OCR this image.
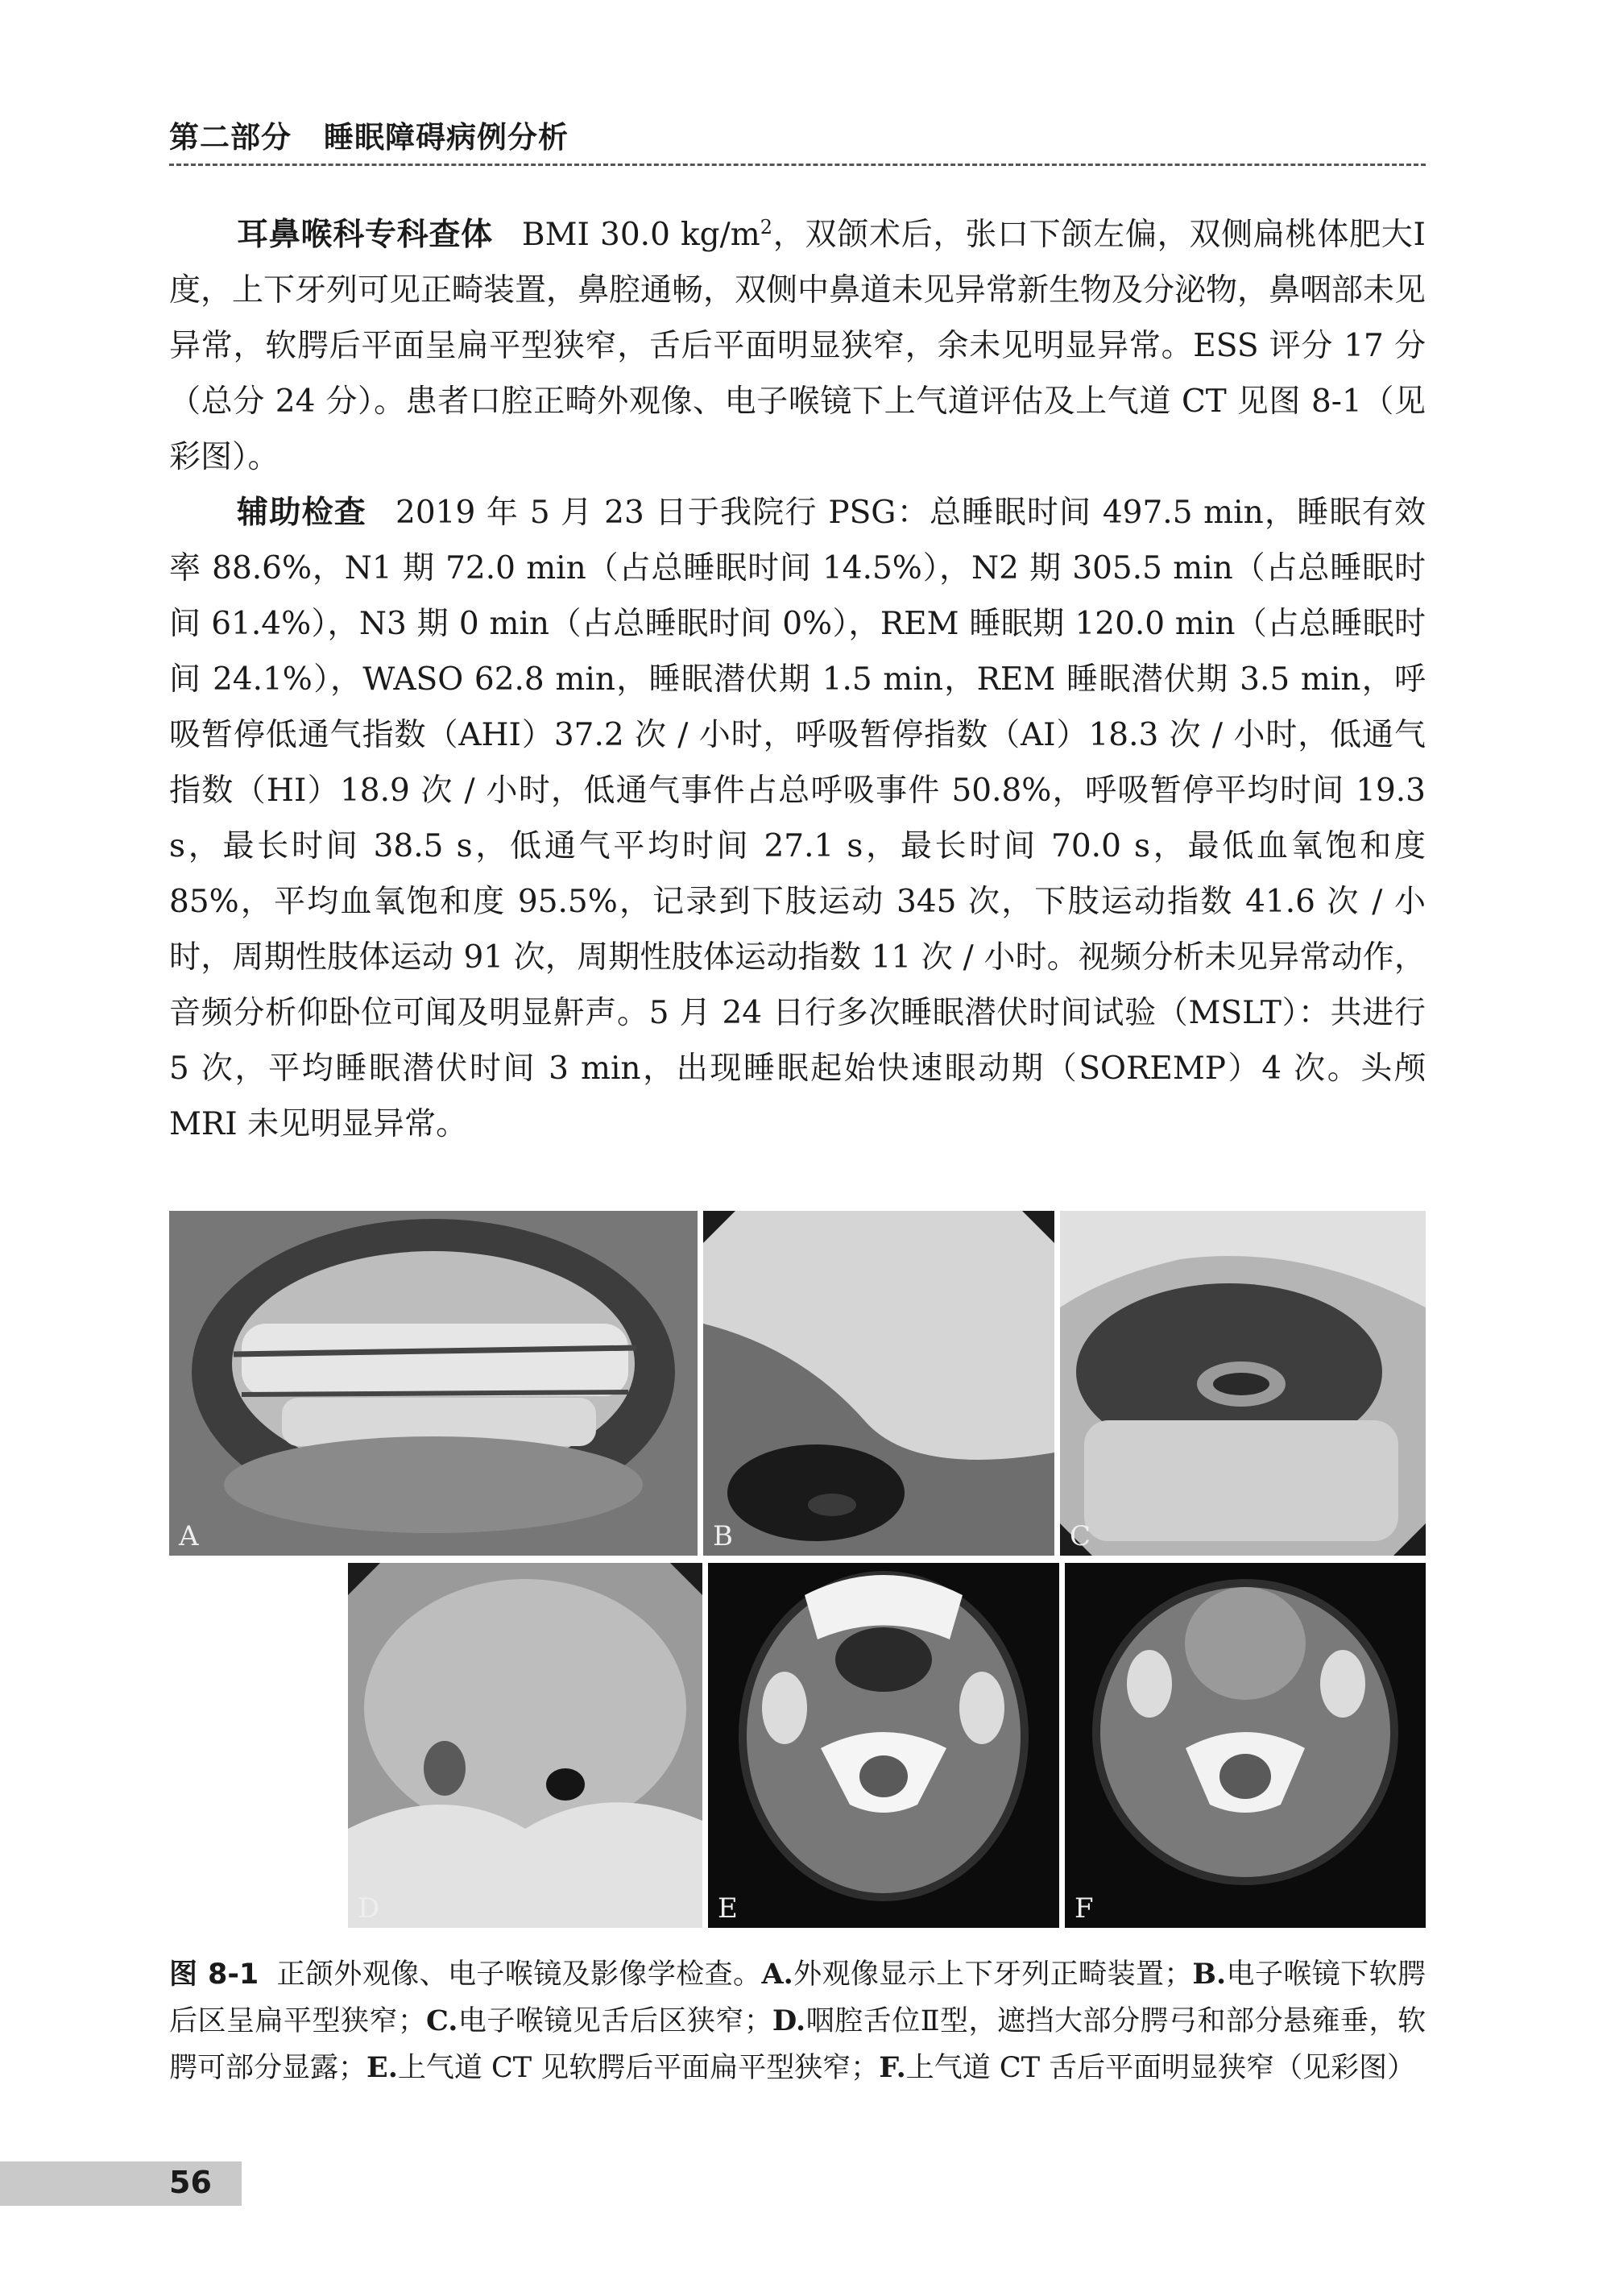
第二部分 睡眠障碍病例分析

耳鼻喉科专科查体 BMI 30.0 $kg/m^2$，双颌术后，张口下颌左偏，双侧扁桃体肥大Ⅰ度，上下牙列可见正畸装置，鼻腔通畅，双侧中鼻道未见异常新生物及分泌物，鼻咽部未见异常，软腭后平面呈扁平型狭窄，舌后平面明显狭窄，余未见明显异常。ESS 评分 17 分（总分 24 分）。患者口腔正畸外观像、电子喉镜下上气道评估及上气道 CT 见图 8-1（见彩图）。

辅助检查 2019 年 5 月 23 日于我院行 PSG：总睡眠时间 497.5 min，睡眠有效率 88.6%，N1 期 72.0 min（占总睡眠时间 14.5%），N2 期 305.5 min（占总睡眠时间 61.4%），N3 期 0 min（占总睡眠时间 0%），REM 睡眠期 120.0 min（占总睡眠时间 24.1%），WASO 62.8 min，睡眠潜伏期 1.5 min，REM 睡眠潜伏期 3.5 min，呼吸暂停低通气指数（AHI）37.2 次 / 小时，呼吸暂停指数（AI）18.3 次 / 小时，低通气指数（HI）18.9 次 / 小时，低通气事件占总呼吸事件 50.8%，呼吸暂停平均时间 19.3 s，最长时间 38.5 s，低通气平均时间 27.1 s，最长时间 70.0 s，最低血氧饱和度 85%，平均血氧饱和度 95.5%，记录到下肢运动 345 次，下肢运动指数 41.6 次 / 小时，周期性肢体运动 91 次，周期性肢体运动指数 11 次 / 小时。视频分析未见异常动作，音频分析仰卧位可闻及明显鼾声。5 月 24 日行多次睡眠潜伏时间试验（MSLT）：共进行 5 次，平均睡眠潜伏时间 3 min，出现睡眠起始快速眼动期（SOREMP）4 次。头颅 MRI 未见明显异常。

A	B	C
D	E	F
图 8-1 正颌外观像、电子喉镜及影像学检查。A.外观像显示上下牙列正畸装置；B.电子喉镜下软腭后区呈扁平型狭窄；C.电子喉镜见舌后区狭窄；D.咽腔舌位Ⅱ型，遮挡大部分腭弓和部分悬雍垂，软腭可部分显露；E.上气道 CT 见软腭后平面扁平型狭窄；F.上气道 CT 舌后平面明显狭窄（见彩图）
56
